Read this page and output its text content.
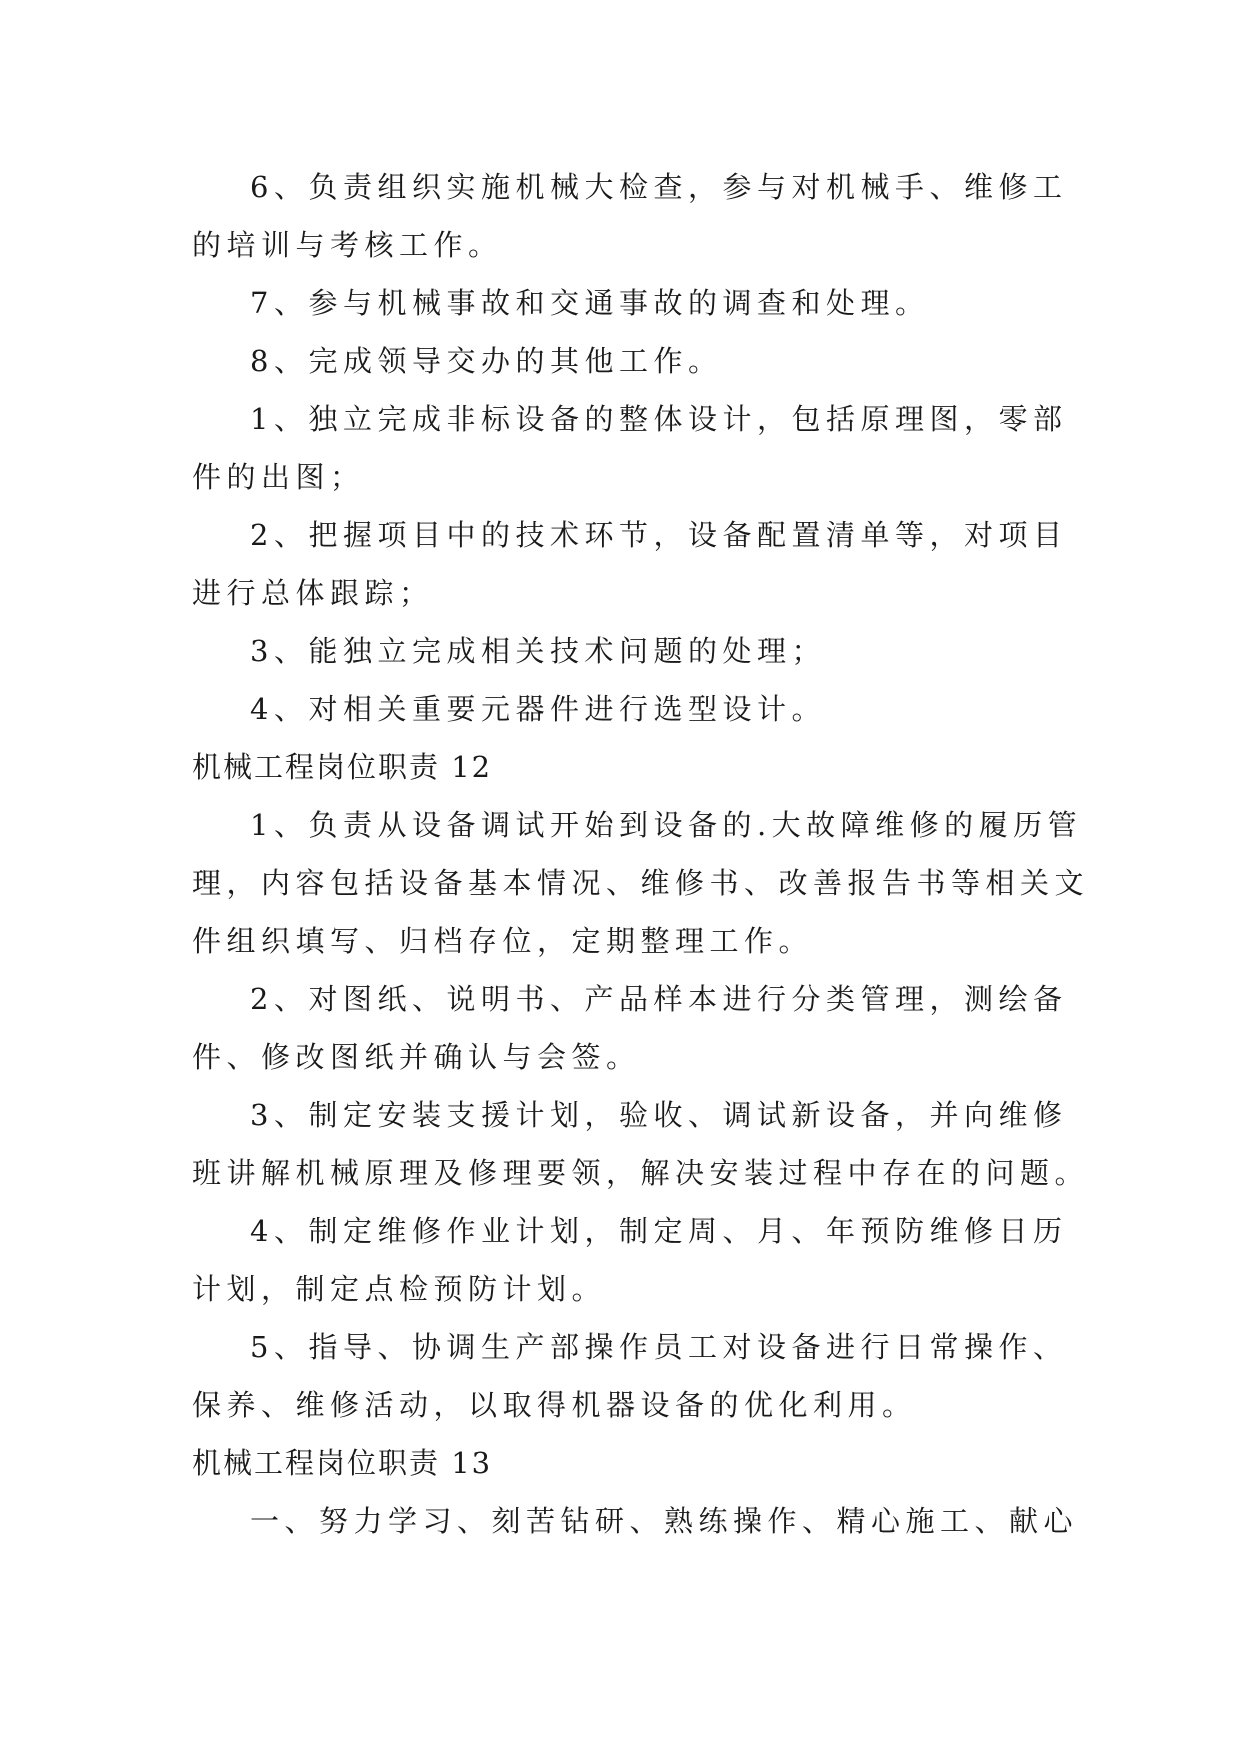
6、负责组织实施机械大检查，参与对机械手、维修工

的培训与考核工作。

7、参与机械事故和交通事故的调查和处理。

8、完成领导交办的其他工作。

1、独立完成非标设备的整体设计，包括原理图，零部

件的出图；

2、把握项目中的技术环节，设备配置清单等，对项目

进行总体跟踪；

3、能独立完成相关技术问题的处理；

4、对相关重要元器件进行选型设计。

机械工程岗位职责 12

1、负责从设备调试开始到设备的.大故障维修的履历管

理，内容包括设备基本情况、维修书、改善报告书等相关文

件组织填写、归档存位，定期整理工作。

2、对图纸、说明书、产品样本进行分类管理，测绘备

件、修改图纸并确认与会签。

3、制定安装支援计划，验收、调试新设备，并向维修

班讲解机械原理及修理要领，解决安装过程中存在的问题。

4、制定维修作业计划，制定周、月、年预防维修日历

计划，制定点检预防计划。

5、指导、协调生产部操作员工对设备进行日常操作、

保养、维修活动，以取得机器设备的优化利用。

机械工程岗位职责 13

一、努力学习、刻苦钻研、熟练操作、精心施工、献心
